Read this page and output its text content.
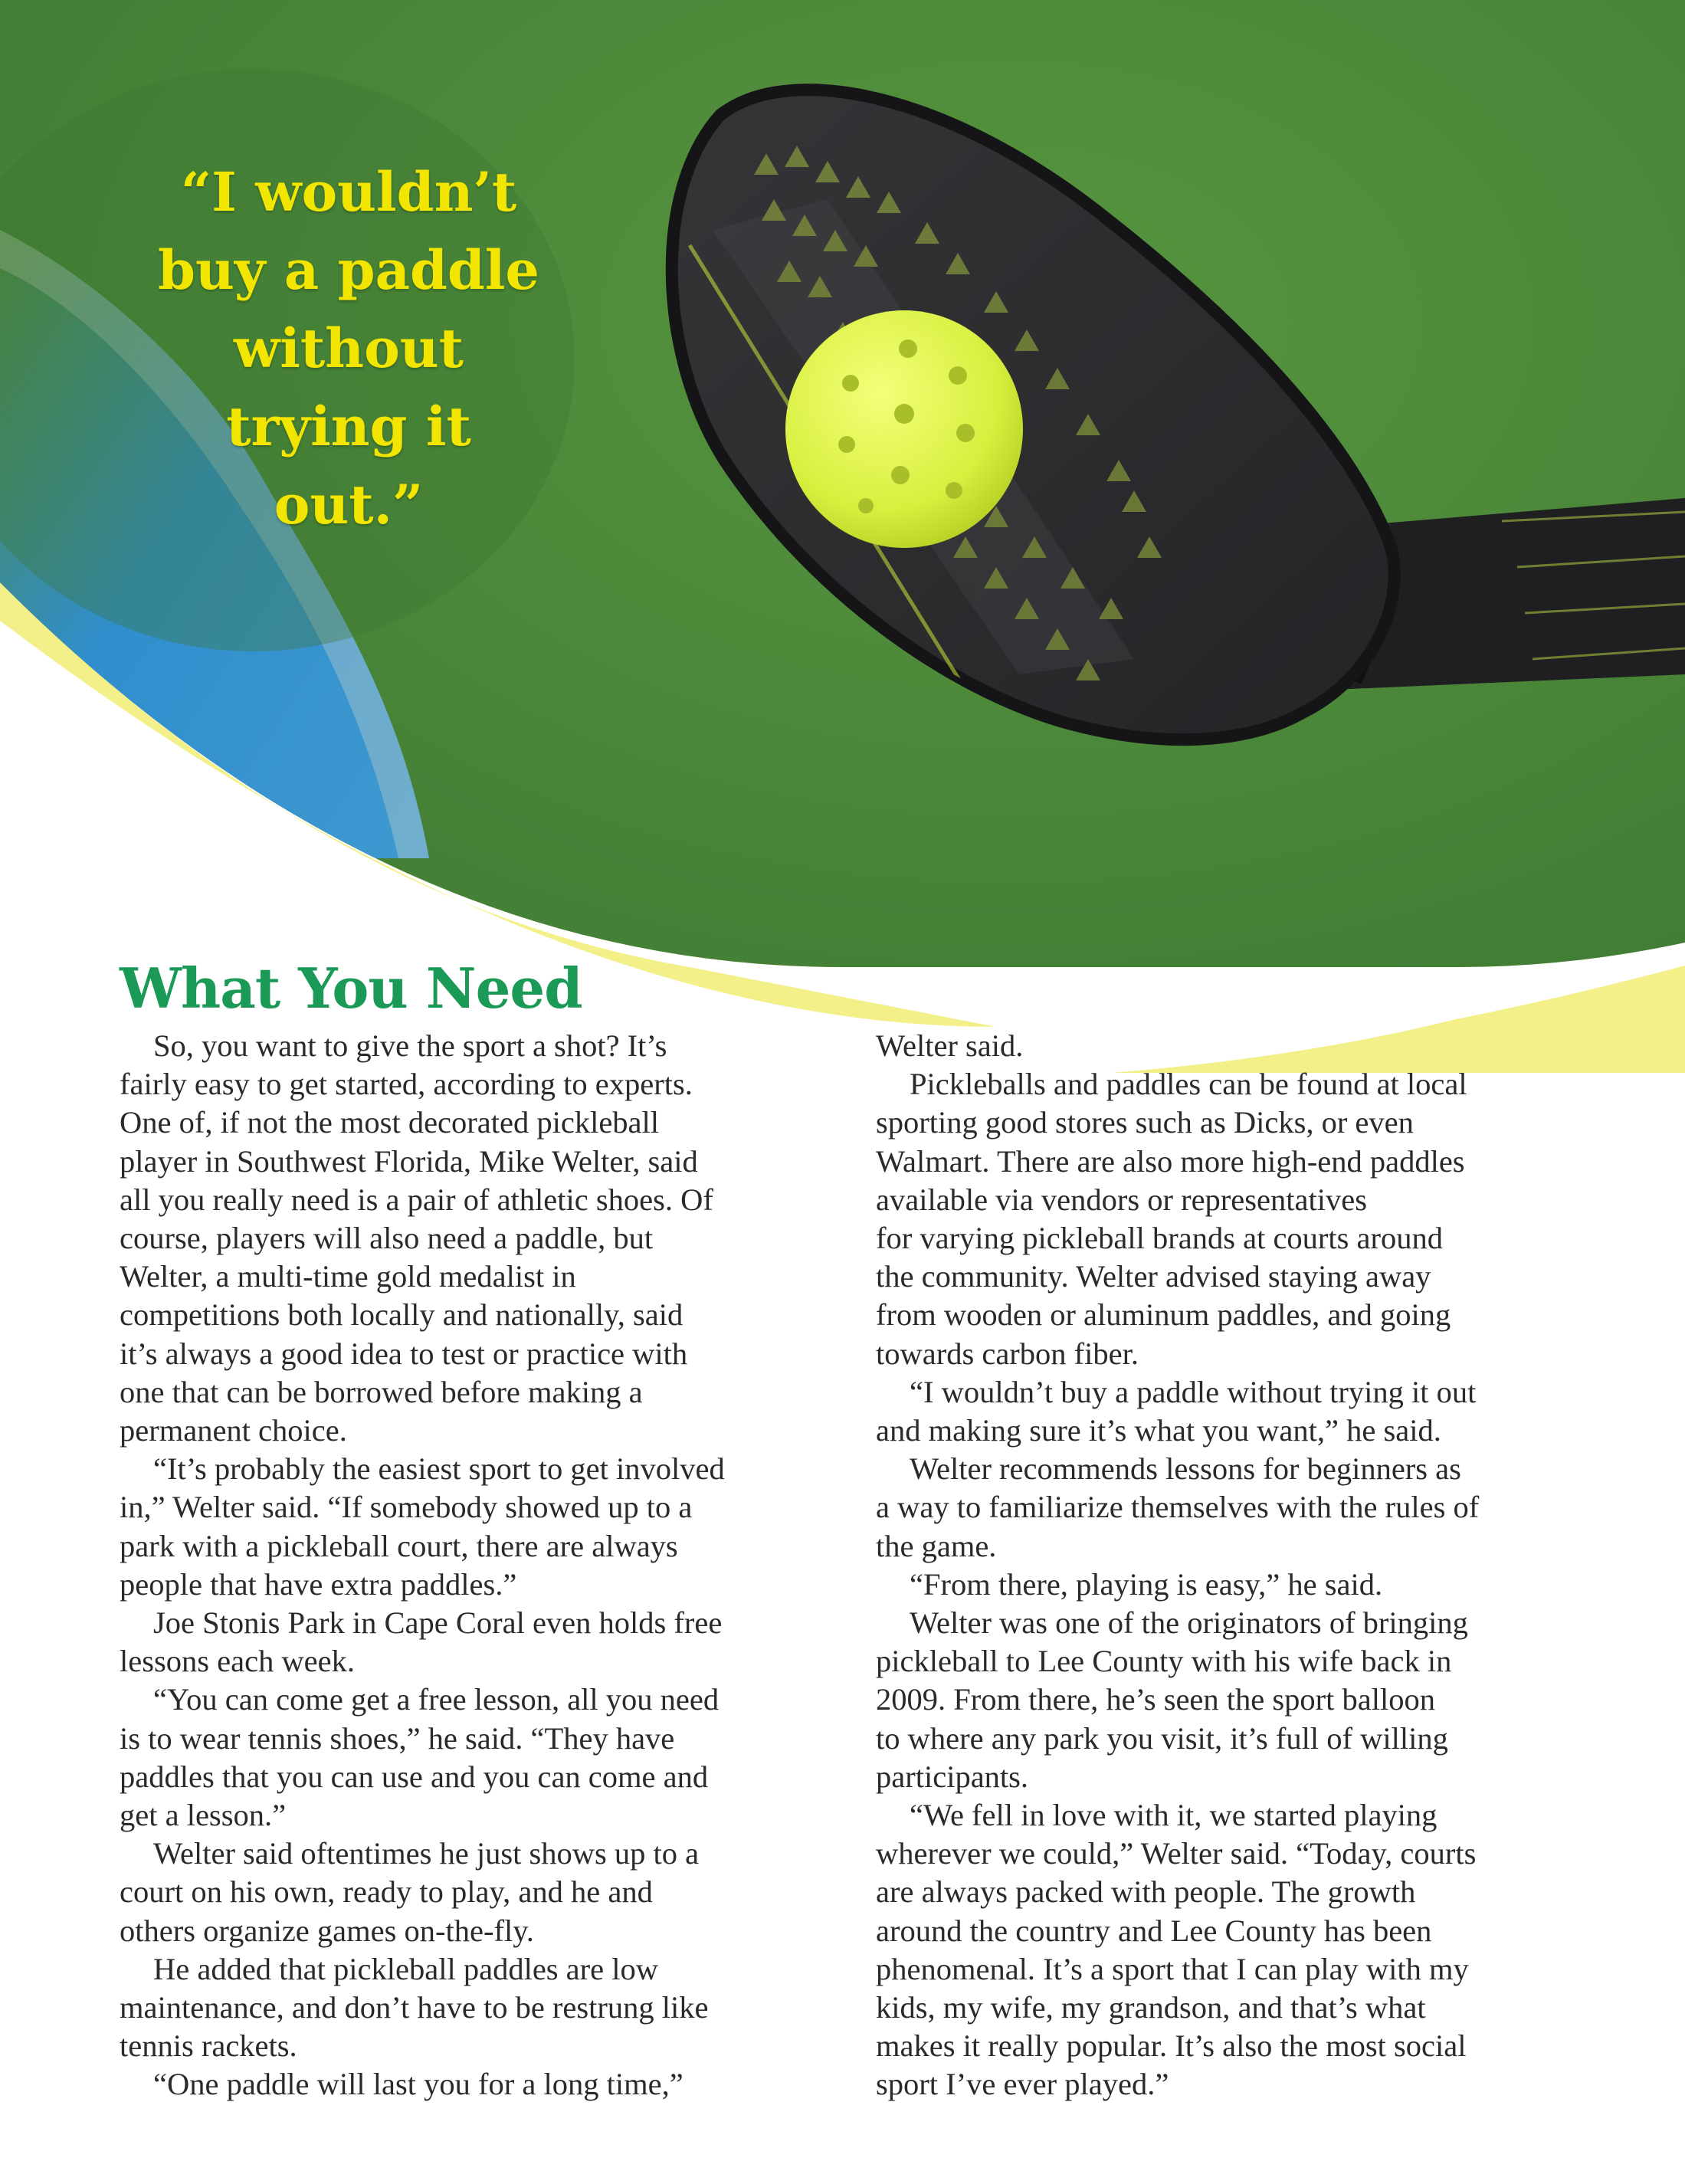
“I wouldn’t
buy a paddle
without
trying it
out.”
What You Need
So, you want to give the sport a shot? It’s
fairly easy to get started, according to experts.
One of, if not the most decorated pickleball
player in Southwest Florida, Mike Welter, said
all you really need is a pair of athletic shoes. Of
course, players will also need a paddle, but
Welter, a multi-time gold medalist in
competitions both locally and nationally, said
it’s always a good idea to test or practice with
one that can be borrowed before making a
permanent choice.
“It’s probably the easiest sport to get involved
in,” Welter said. “If somebody showed up to a
park with a pickleball court, there are always
people that have extra paddles.”
Joe Stonis Park in Cape Coral even holds free
lessons each week.
“You can come get a free lesson, all you need
is to wear tennis shoes,” he said. “They have
paddles that you can use and you can come and
get a lesson.”
Welter said oftentimes he just shows up to a
court on his own, ready to play, and he and
others organize games on-the-fly.
He added that pickleball paddles are low
maintenance, and don’t have to be restrung like
tennis rackets.
“One paddle will last you for a long time,”
Welter said.
Pickleballs and paddles can be found at local
sporting good stores such as Dicks, or even
Walmart. There are also more high-end paddles
available via vendors or representatives
for varying pickleball brands at courts around
the community. Welter advised staying away
from wooden or aluminum paddles, and going
towards carbon fiber.
“I wouldn’t buy a paddle without trying it out
and making sure it’s what you want,” he said.
Welter recommends lessons for beginners as
a way to familiarize themselves with the rules of
the game.
“From there, playing is easy,” he said.
Welter was one of the originators of bringing
pickleball to Lee County with his wife back in
2009. From there, he’s seen the sport balloon
to where any park you visit, it’s full of willing
participants.
“We fell in love with it, we started playing
wherever we could,” Welter said. “Today, courts
are always packed with people. The growth
around the country and Lee County has been
phenomenal. It’s a sport that I can play with my
kids, my wife, my grandson, and that’s what
makes it really popular. It’s also the most social
sport I’ve ever played.”
